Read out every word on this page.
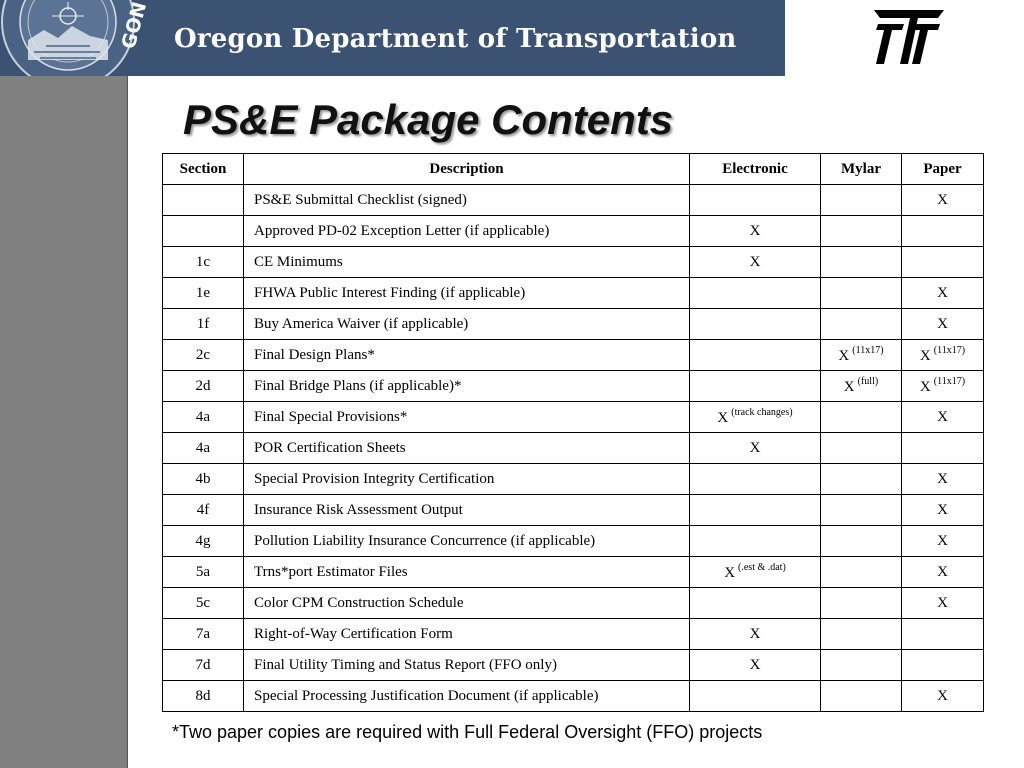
GON Oregon Department of Transportation
PS&E Package Contents
Section	Description	Electronic	Mylar	Paper
	PS&E Submittal Checklist (signed)			X
	Approved PD-02 Exception Letter (if applicable)	X		
1c	CE Minimums	X		
1e	FHWA Public Interest Finding (if applicable)			X
1f	Buy America Waiver (if applicable)			X
2c	Final Design Plans*		X $^{(11x17)}$	X $^{(11x17)}$
2d	Final Bridge Plans (if applicable)*		X $^{(full)}$	X $^{(11x17)}$
4a	Final Special Provisions*	X $^{(track changes)}$		X
4a	POR Certification Sheets	X		
4b	Special Provision Integrity Certification			X
4f	Insurance Risk Assessment Output			X
4g	Pollution Liability Insurance Concurrence (if applicable)			X
5a	Trns*port Estimator Files	X $^{(.est \& .dat)}$		X
5c	Color CPM Construction Schedule			X
7a	Right-of-Way Certification Form	X		
7d	Final Utility Timing and Status Report (FFO only)	X		
8d	Special Processing Justification Document (if applicable)			X
*Two paper copies are required with Full Federal Oversight (FFO) projects
